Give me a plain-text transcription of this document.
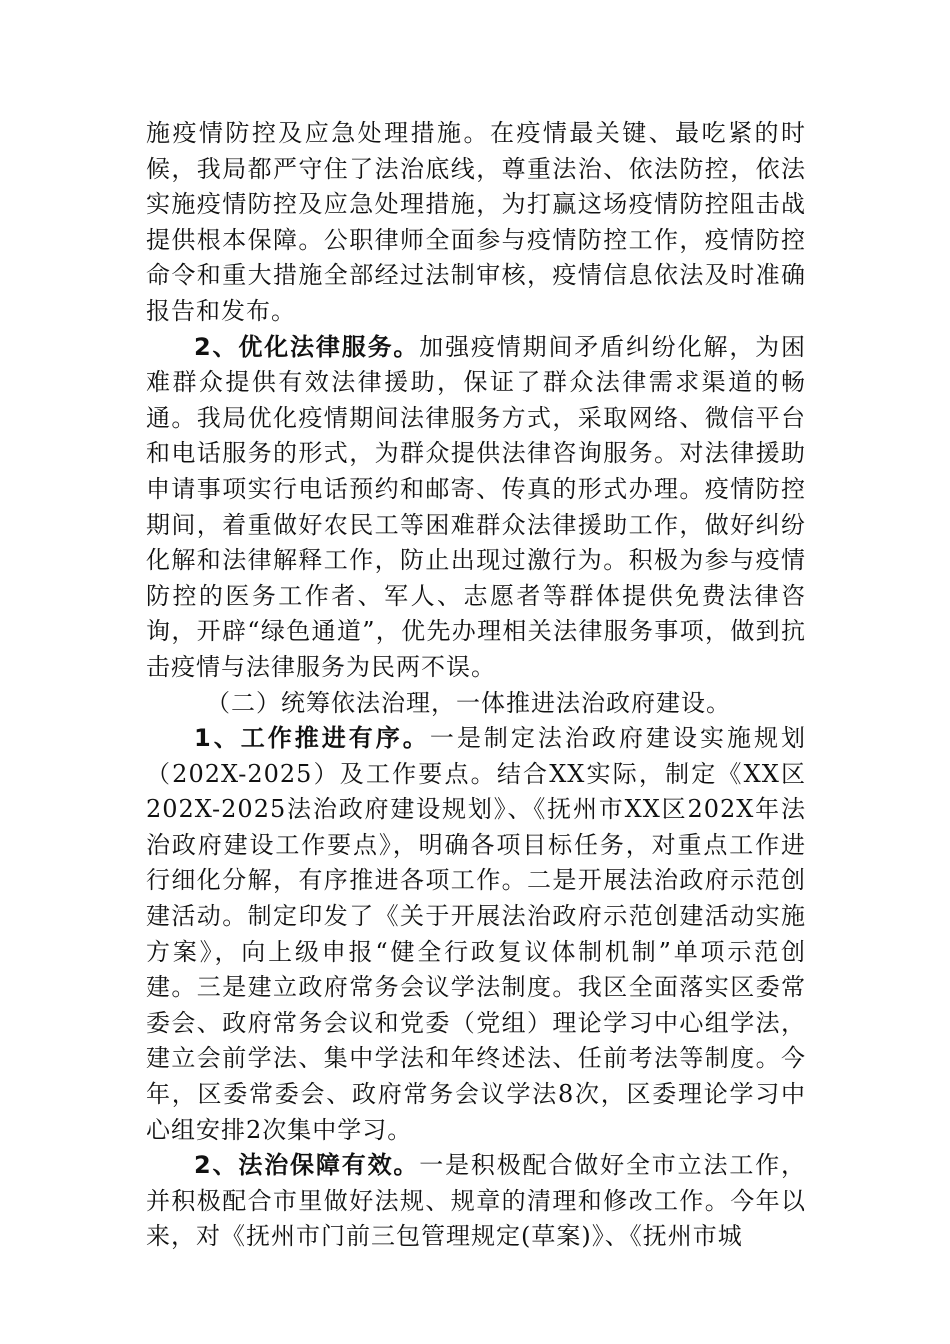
施疫情防控及应急处理措施。在疫情最关键、最吃紧的时候，我局都严守住了法治底线，尊重法治、依法防控，依法实施疫情防控及应急处理措施，为打赢这场疫情防控阻击战提供根本保障。公职律师全面参与疫情防控工作，疫情防控命令和重大措施全部经过法制审核，疫情信息依法及时准确报告和发布。

2、优化法律服务。加强疫情期间矛盾纠纷化解，为困难群众提供有效法律援助，保证了群众法律需求渠道的畅通。我局优化疫情期间法律服务方式，采取网络、微信平台和电话服务的形式，为群众提供法律咨询服务。对法律援助申请事项实行电话预约和邮寄、传真的形式办理。疫情防控期间，着重做好农民工等困难群众法律援助工作，做好纠纷化解和法律解释工作，防止出现过激行为。积极为参与疫情防控的医务工作者、军人、志愿者等群体提供免费法律咨询，开辟“绿色通道”，优先办理相关法律服务事项，做到抗击疫情与法律服务为民两不误。

（二）统筹依法治理，一体推进法治政府建设。

1、工作推进有序。一是制定法治政府建设实施规划（202X-2025）及工作要点。结合XX实际，制定《XX区202X-2025法治政府建设规划》、《抚州市XX区202X年法治政府建设工作要点》，明确各项目标任务，对重点工作进行细化分解，有序推进各项工作。二是开展法治政府示范创建活动。制定印发了《关于开展法治政府示范创建活动实施方案》，向上级申报“健全行政复议体制机制”单项示范创建。三是建立政府常务会议学法制度。我区全面落实区委常委会、政府常务会议和党委（党组）理论学习中心组学法，建立会前学法、集中学法和年终述法、任前考法等制度。今年，区委常委会、政府常务会议学法8次，区委理论学习中心组安排2次集中学习。

2、法治保障有效。一是积极配合做好全市立法工作，并积极配合市里做好法规、规章的清理和修改工作。今年以来，对《抚州市门前三包管理规定(草案)》、《抚州市城
